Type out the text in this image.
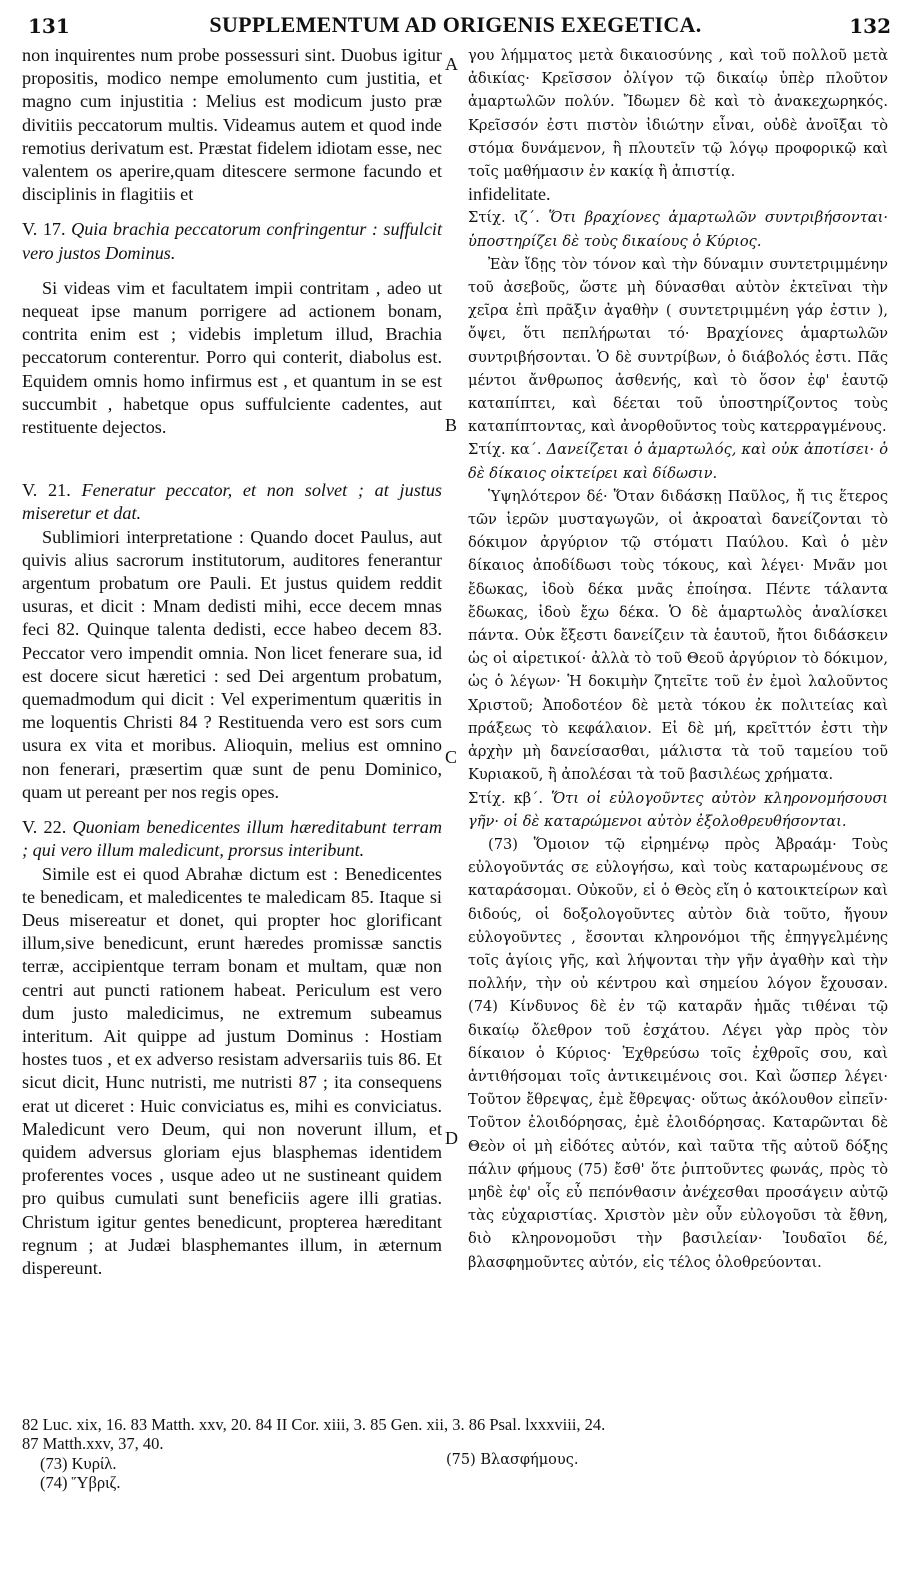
131	SUPPLEMENTUM AD ORIGENIS EXEGETICA.	132
A
B
C
D

non inquirentes num probe possessuri sint. Duobus igitur propositis, modico nempe emolumento cum justitia, et magno cum injustitia : Melius est modicum justo præ divitiis peccatorum multis. Videamus autem et quod inde remotius derivatum est. Præstat fidelem idiotam esse, nec valentem os aperire,quam ditescere sermone facundo et disciplinis in flagitiis et

V. 17. Quia brachia peccatorum confringentur : suffulcit vero justos Dominus.

Si videas vim et facultatem impii contritam , adeo ut nequeat ipse manum porrigere ad actionem bonam, contrita enim est ; videbis impletum illud, Brachia peccatorum conterentur. Porro qui conterit, diabolus est. Equidem omnis homo infirmus est , et quantum in se est succumbit , habetque opus suffulciente cadentes, aut restituente dejectos.

V. 21. Feneratur peccator, et non solvet ; at justus miseretur et dat.

Sublimiori interpretatione : Quando docet Paulus, aut quivis alius sacrorum institutorum, auditores fenerantur argentum probatum ore Pauli. Et justus quidem reddit usuras, et dicit : Mnam dedisti mihi, ecce decem mnas feci 82. Quinque talenta dedisti, ecce habeo decem 83. Peccator vero impendit omnia. Non licet fenerare sua, id est docere sicut hæretici : sed Dei argentum probatum, quemadmodum qui dicit : Vel experimentum quæritis in me loquentis Christi 84 ? Restituenda vero est sors cum usura ex vita et moribus. Alioquin, melius est omnino non fenerari, præsertim quæ sunt de penu Dominico, quam ut pereant per nos regis opes.

V. 22. Quoniam benedicentes illum hæreditabunt terram ; qui vero illum maledicunt, prorsus interibunt.

Simile est ei quod Abrahæ dictum est : Benedicentes te benedicam, et maledicentes te maledicam 85. Itaque si Deus misereatur et donet, qui propter hoc glorificant illum,sive benedicunt, erunt hæredes promissæ sanctis terræ, accipientque terram bonam et multam, quæ non centri aut puncti rationem habeat. Periculum est vero dum justo maledicimus, ne extremum subeamus interitum. Ait quippe ad justum Dominus : Hostiam hostes tuos , et ex adverso resistam adversariis tuis 86. Et sicut dicit, Hunc nutristi, me nutristi 87 ; ita consequens erat ut diceret : Huic conviciatus es, mihi es conviciatus. Maledicunt vero Deum, qui non noverunt illum, et quidem adversus gloriam ejus blasphemas identidem proferentes voces , usque adeo ut ne sustineant quidem pro quibus cumulati sunt beneficiis agere illi gratias. Christum igitur gentes benedicunt, propterea hæreditant regnum ; at Judæi blasphemantes illum, in æternum dispereunt.

γου λήμματος μετὰ δικαιοσύνης , καὶ τοῦ πολλοῦ μετὰ ἀδικίας· Κρεῖσσον ὀλίγον τῷ δικαίῳ ὑπὲρ πλοῦτον ἁμαρτωλῶν πολύν. Ἴδωμεν δὲ καὶ τὸ ἀνακεχωρηκός. Κρεῖσσόν ἐστι πιστὸν ἰδιώτην εἶναι, οὐδὲ ἀνοῖξαι τὸ στόμα δυνάμενον, ἢ πλουτεῖν τῷ λόγῳ προφορικῷ καὶ τοῖς μαθήμασιν ἐν κακίᾳ ἢ ἀπιστίᾳ.

infidelitate.

Στίχ. ιζ΄. Ὅτι βραχίονες ἁμαρτωλῶν συντριβήσονται· ὑποστηρίζει δὲ τοὺς δικαίους ὁ Κύριος.

Ἐὰν ἴδῃς τὸν τόνον καὶ τὴν δύναμιν συντετριμμένην τοῦ ἀσεβοῦς, ὥστε μὴ δύνασθαι αὐτὸν ἐκτεῖναι τὴν χεῖρα ἐπὶ πρᾶξιν ἀγαθὴν ( συντετριμμένη γάρ ἐστιν ), ὄψει, ὅτι πεπλήρωται τό· Βραχίονες ἁμαρτωλῶν συντριβήσονται. Ὁ δὲ συντρίβων, ὁ διάβολός ἐστι. Πᾶς μέντοι ἄνθρωπος ἀσθενής, καὶ τὸ ὅσον ἐφ' ἑαυτῷ καταπίπτει, καὶ δέεται τοῦ ὑποστηρίζοντος τοὺς καταπίπτοντας, καὶ ἀνορθοῦντος τοὺς κατερραγμένους.

Στίχ. κα΄. Δανείζεται ὁ ἁμαρτωλός, καὶ οὐκ ἀποτίσει· ὁ δὲ δίκαιος οἰκτείρει καὶ δίδωσιν.

Ὑψηλότερον δέ· Ὅταν διδάσκῃ Παῦλος, ἤ τις ἕτερος τῶν ἱερῶν μυσταγωγῶν, οἱ ἀκροαταὶ δανείζονται τὸ δόκιμον ἀργύριον τῷ στόματι Παύλου. Καὶ ὁ μὲν δίκαιος ἀποδίδωσι τοὺς τόκους, καὶ λέγει· Μνᾶν μοι ἔδωκας, ἰδοὺ δέκα μνᾶς ἐποίησα. Πέντε τάλαντα ἔδωκας, ἰδοὺ ἔχω δέκα. Ὁ δὲ ἁμαρτωλὸς ἀναλίσκει πάντα. Οὐκ ἔξεστι δανείζειν τὰ ἑαυτοῦ, ἤτοι διδάσκειν ὡς οἱ αἱρετικοί· ἀλλὰ τὸ τοῦ Θεοῦ ἀργύριον τὸ δόκιμον, ὡς ὁ λέγων· Ἡ δοκιμὴν ζητεῖτε τοῦ ἐν ἐμοὶ λαλοῦντος Χριστοῦ; Ἀποδοτέον δὲ μετὰ τόκου ἐκ πολιτείας καὶ πράξεως τὸ κεφάλαιον. Εἰ δὲ μή, κρεῖττόν ἐστι τὴν ἀρχὴν μὴ δανείσασθαι, μάλιστα τὰ τοῦ ταμείου τοῦ Κυριακοῦ, ἢ ἀπολέσαι τὰ τοῦ βασιλέως χρήματα.

Στίχ. κβ΄. Ὅτι οἱ εὐλογοῦντες αὐτὸν κληρονομήσουσι γῆν· οἱ δὲ καταρώμενοι αὐτὸν ἐξολοθρευθήσονται.

(73) Ὅμοιον τῷ εἰρημένῳ πρὸς Ἀβραάμ· Τοὺς εὐλογοῦντάς σε εὐλογήσω, καὶ τοὺς καταρωμένους σε καταράσομαι. Οὐκοῦν, εἰ ὁ Θεὸς εἴη ὁ κατοικτείρων καὶ διδούς, οἱ δοξολογοῦντες αὐτὸν διὰ τοῦτο, ἤγουν εὐλογοῦντες , ἔσονται κληρονόμοι τῆς ἐπηγγελμένης τοῖς ἁγίοις γῆς, καὶ λήψονται τὴν γῆν ἀγαθὴν καὶ τὴν πολλήν, τὴν οὐ κέντρου καὶ σημείου λόγον ἔχουσαν. (74) Κίνδυνος δὲ ἐν τῷ καταρᾶν ἡμᾶς τιθέναι τῷ δικαίῳ ὄλεθρον τοῦ ἐσχάτου. Λέγει γὰρ πρὸς τὸν δίκαιον ὁ Κύριος· Ἐχθρεύσω τοῖς ἐχθροῖς σου, καὶ ἀντιθήσομαι τοῖς ἀντικειμένοις σοι. Καὶ ὥσπερ λέγει· Τοῦτον ἔθρεψας, ἐμὲ ἔθρεψας· οὕτως ἀκόλουθον εἰπεῖν· Τοῦτον ἐλοιδόρησας, ἐμὲ ἐλοιδόρησας. Καταρῶνται δὲ Θεὸν οἱ μὴ εἰδότες αὐτόν, καὶ ταῦτα τῆς αὐτοῦ δόξης πάλιν φήμους (75) ἔσθ' ὅτε ῥιπτοῦντες φωνάς, πρὸς τὸ μηδὲ ἐφ' οἷς εὖ πεπόνθασιν ἀνέχεσθαι προσάγειν αὐτῷ τὰς εὐχαριστίας. Χριστὸν μὲν οὖν εὐλογοῦσι τὰ ἔθνη, διὸ κληρονομοῦσι τὴν βασιλείαν· Ἰουδαῖοι δέ, βλασφημοῦντες αὐτόν, εἰς τέλος ὀλοθρεύονται.

82 Luc. xix, 16. 83 Matth. xxv, 20. 84 II Cor. xiii, 3. 85 Gen. xii, 3. 86 Psal. lxxxviii, 24.
87 Matth.xxv, 37, 40.
(73) Κυρίλ.
(74) Ὕβριζ.
(75) Βλασφήμους.
